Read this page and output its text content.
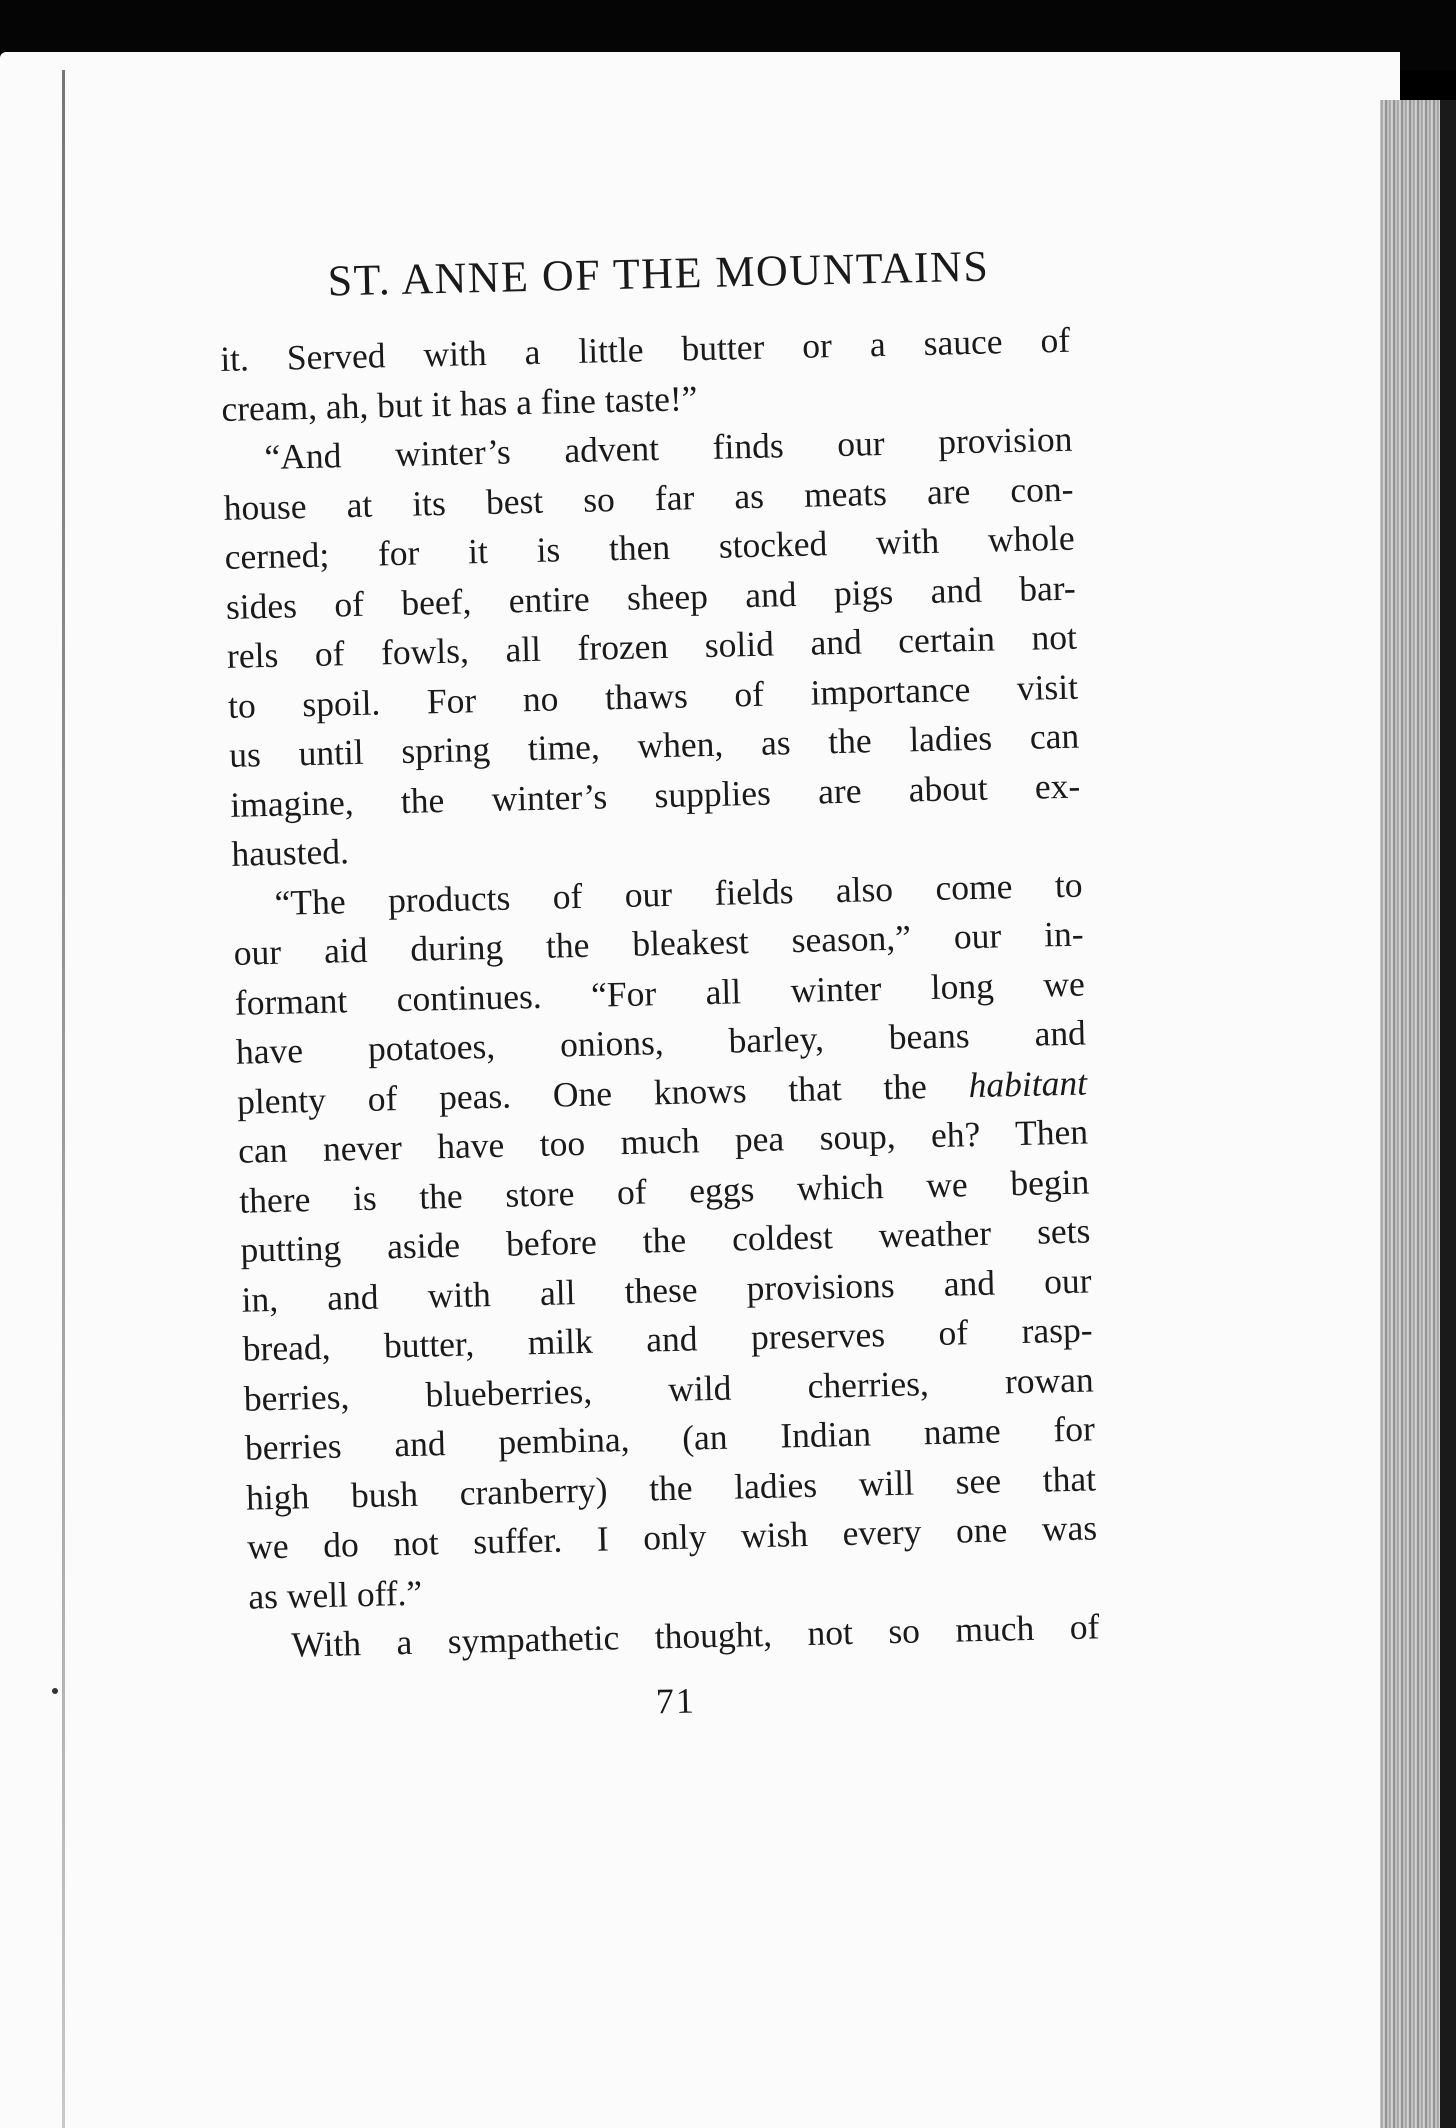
ST. ANNE OF THE MOUNTAINS
it. Served with a little butter or a sauce of
cream, ah, but it has a fine taste!”
“And winter’s advent finds our provision
house at its best so far as meats are con-
cerned; for it is then stocked with whole
sides of beef, entire sheep and pigs and bar-
rels of fowls, all frozen solid and certain not
to spoil. For no thaws of importance visit
us until spring time, when, as the ladies can
imagine, the winter’s supplies are about ex-
hausted.
“The products of our fields also come to
our aid during the bleakest season,” our in-
formant continues. “For all winter long we
have potatoes, onions, barley, beans and
plenty of peas. One knows that the habitant
can never have too much pea soup, eh? Then
there is the store of eggs which we begin
putting aside before the coldest weather sets
in, and with all these provisions and our
bread, butter, milk and preserves of rasp-
berries, blueberries, wild cherries, rowan
berries and pembina, (an Indian name for
high bush cranberry) the ladies will see that
we do not suffer. I only wish every one was
as well off.”
With a sympathetic thought, not so much of
71
